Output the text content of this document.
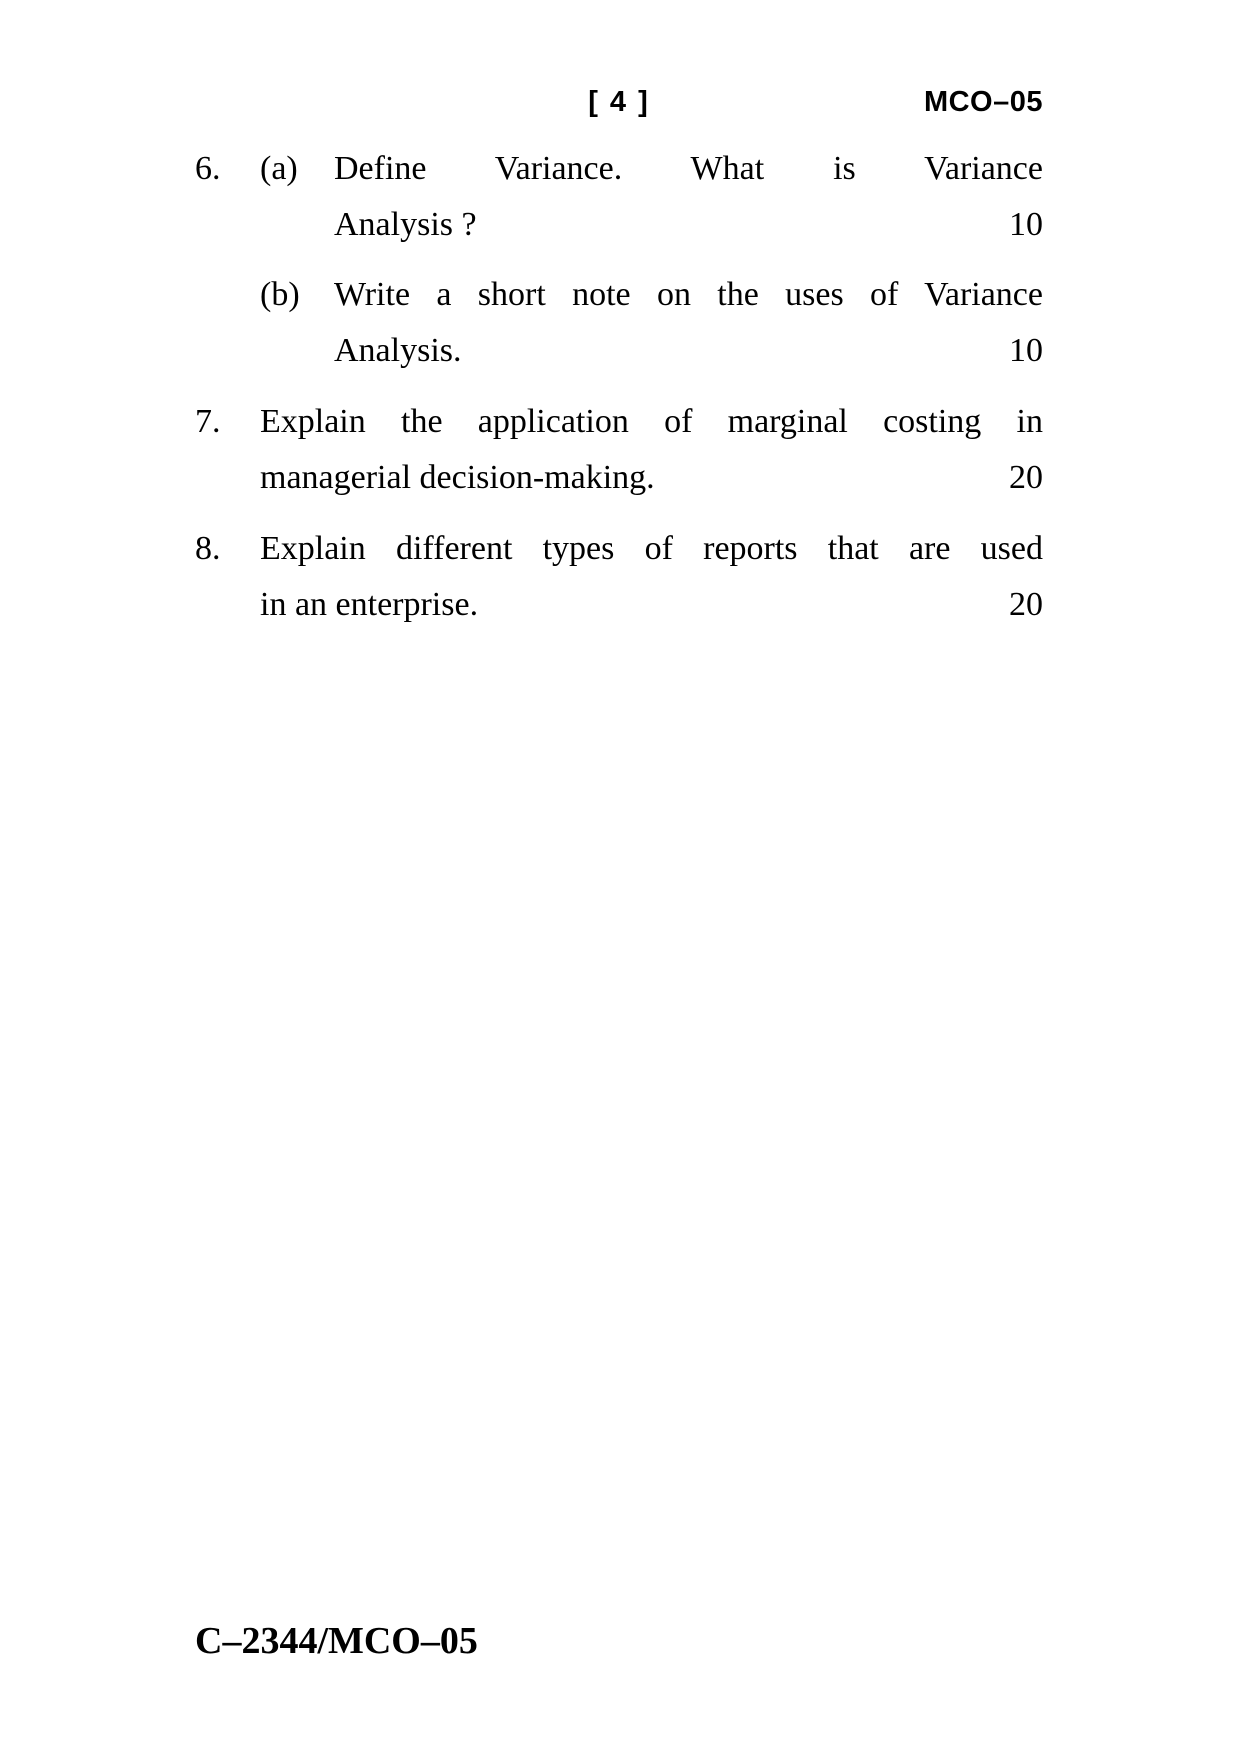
[ 4 ]	MCO–05
6.	(a)	Define Variance. What is Variance
Analysis ?	10
(b)	Write a short note on the uses of Variance
Analysis.	10
7.	Explain the application of marginal costing in
managerial decision-making.	20
8.	Explain different types of reports that are used
in an enterprise.	20
C–2344/MCO–05
